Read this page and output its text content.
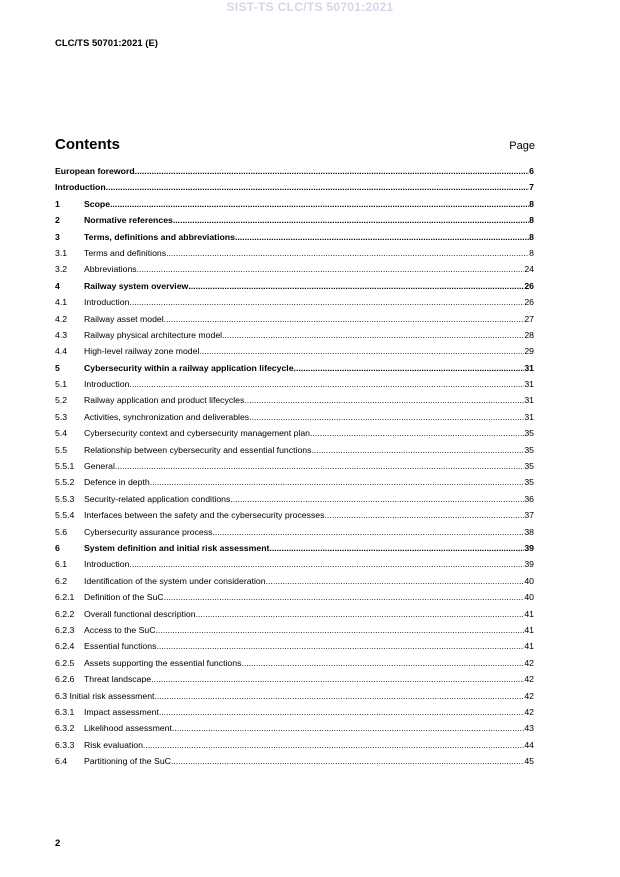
SIST-TS CLC/TS 50701:2021
CLC/TS 50701:2021 (E)
Contents	Page
European foreword .....	6
Introduction .....	7
1	Scope .....	8
2	Normative references .....	8
3	Terms, definitions and abbreviations .....	8
3.1	Terms and definitions .....	8
3.2	Abbreviations .....	24
4	Railway system overview .....	26
4.1	Introduction .....	26
4.2	Railway asset model .....	27
4.3	Railway physical architecture model .....	28
4.4	High-level railway zone model .....	29
5	Cybersecurity within a railway application lifecycle .....	31
5.1	Introduction .....	31
5.2	Railway application and product lifecycles .....	31
5.3	Activities, synchronization and deliverables .....	31
5.4	Cybersecurity context and cybersecurity management plan .....	35
5.5	Relationship between cybersecurity and essential functions .....	35
5.5.1	General .....	35
5.5.2	Defence in depth .....	35
5.5.3	Security-related application conditions .....	36
5.5.4	Interfaces between the safety and the cybersecurity processes .....	37
5.6	Cybersecurity assurance process .....	38
6	System definition and initial risk assessment .....	39
6.1	Introduction .....	39
6.2	Identification of the system under consideration .....	40
6.2.1	Definition of the SuC .....	40
6.2.2	Overall functional description .....	41
6.2.3	Access to the SuC .....	41
6.2.4	Essential functions .....	41
6.2.5	Assets supporting the essential functions .....	42
6.2.6	Threat landscape .....	42
6.3 Initial risk assessment .....	42
6.3.1	Impact assessment .....	42
6.3.2	Likelihood assessment .....	43
6.3.3	Risk evaluation .....	44
6.4	Partitioning of the SuC .....	45
2
